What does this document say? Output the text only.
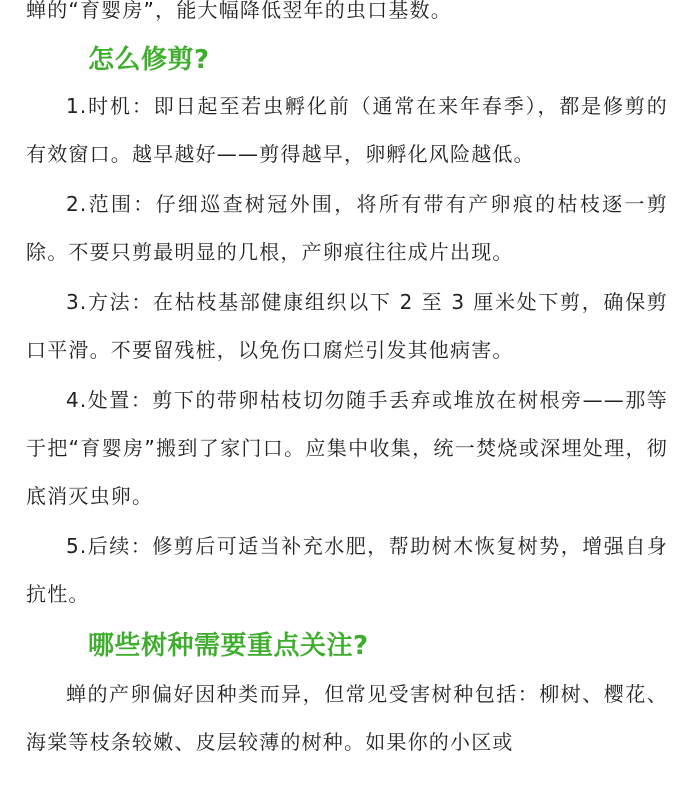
蝉的“育婴房”，能大幅降低翌年的虫口基数。

怎么修剪?

1.时机：即日起至若虫孵化前（通常在来年春季），都是修剪的有效窗口。越早越好——剪得越早，卵孵化风险越低。

2.范围：仔细巡查树冠外围，将所有带有产卵痕的枯枝逐一剪除。不要只剪最明显的几根，产卵痕往往成片出现。

3.方法：在枯枝基部健康组织以下 2 至 3 厘米处下剪，确保剪口平滑。不要留残桩，以免伤口腐烂引发其他病害。

4.处置：剪下的带卵枯枝切勿随手丢弃或堆放在树根旁——那等于把“育婴房”搬到了家门口。应集中收集，统一焚烧或深埋处理，彻底消灭虫卵。

5.后续：修剪后可适当补充水肥，帮助树木恢复树势，增强自身抗性。

哪些树种需要重点关注?

蝉的产卵偏好因种类而异，但常见受害树种包括：柳树、樱花、海棠等枝条较嫩、皮层较薄的树种。如果你的小区或
